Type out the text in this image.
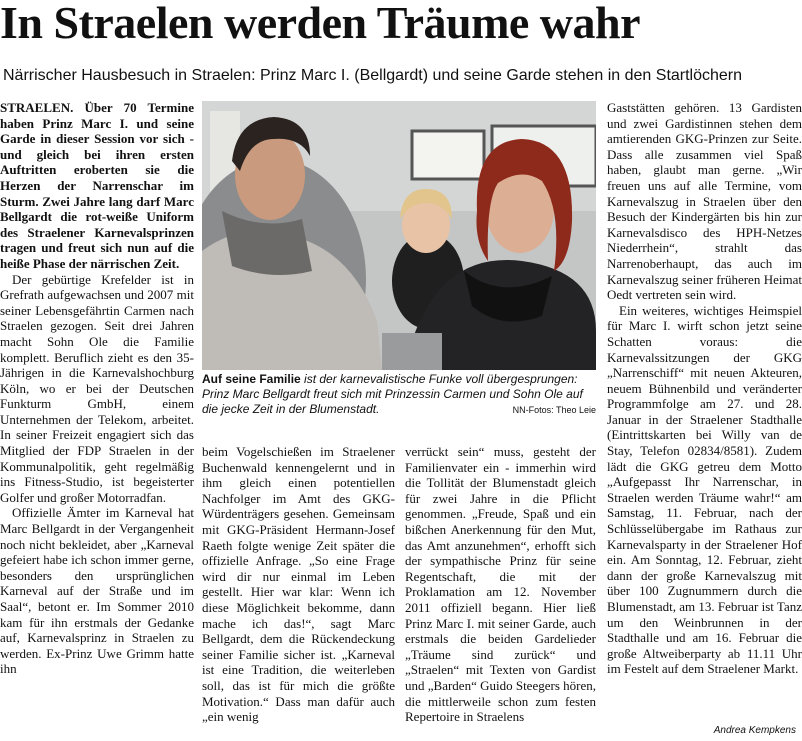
In Straelen werden Träume wahr
Närrischer Hausbesuch in Straelen: Prinz Marc I. (Bellgardt) und seine Garde stehen in den Startlöchern

STRAELEN. Über 70 Termine haben Prinz Marc I. und seine Garde in dieser Session vor sich - und gleich bei ihren ersten Auftritten eroberten sie die Herzen der Narrenschar im Sturm. Zwei Jahre lang darf Marc Bellgardt die rot-weiße Uniform des Straelener Karnevalsprinzen tragen und freut sich nun auf die heiße Phase der närrischen Zeit.

Der gebürtige Krefelder ist in Grefrath aufgewachsen und 2007 mit seiner Lebensgefährtin Carmen nach Straelen gezogen. Seit drei Jahren macht Sohn Ole die Familie komplett. Beruflich zieht es den 35-Jährigen in die Karnevalshochburg Köln, wo er bei der Deutschen Funkturm GmbH, einem Unternehmen der Telekom, arbeitet. In seiner Freizeit engagiert sich das Mitglied der FDP Straelen in der Kommunalpolitik, geht regelmäßig ins Fitness-Studio, ist begeisterter Golfer und großer Motorradfan.

Offizielle Ämter im Karneval hat Marc Bellgardt in der Vergangenheit noch nicht bekleidet, aber „Karneval gefeiert habe ich schon immer gerne, besonders den ursprünglichen Karneval auf der Straße und im Saal“, betont er. Im Sommer 2010 kam für ihn erstmals der Gedanke auf, Karnevalsprinz in Straelen zu werden. Ex-Prinz Uwe Grimm hatte ihn

Auf seine Familie ist der karnevalistische Funke voll übergesprungen: Prinz Marc Bellgardt freut sich mit Prinzessin Carmen und Sohn Ole auf die jecke Zeit in der Blumenstadt.	NN-Fotos: Theo Leie

beim Vogelschießen im Straelener Buchenwald kennengelernt und in ihm gleich einen potentiellen Nachfolger im Amt des GKG-Würdenträgers gesehen. Gemeinsam mit GKG-Präsident Hermann-Josef Raeth folgte wenige Zeit später die offizielle Anfrage. „So eine Frage wird dir nur einmal im Leben gestellt. Hier war klar: Wenn ich diese Möglichkeit bekomme, dann mache ich das!“, sagt Marc Bellgardt, dem die Rückendeckung seiner Familie sicher ist. „Karneval ist eine Tradition, die weiterleben soll, das ist für mich die größte Motivation.“ Dass man dafür auch „ein wenig

verrückt sein“ muss, gesteht der Familienvater ein - immerhin wird die Tollität der Blumenstadt gleich für zwei Jahre in die Pflicht genommen. „Freude, Spaß und ein bißchen Anerkennung für den Mut, das Amt anzunehmen“, erhofft sich der sympathische Prinz für seine Regentschaft, die mit der Proklamation am 12. November 2011 offiziell begann. Hier ließ Prinz Marc I. mit seiner Garde, auch erstmals die beiden Gardelieder „Träume sind zurück“ und „Straelen“ mit Texten von Gardist und „Barden“ Guido Steegers hören, die mittlerweile schon zum festen Repertoire in Straelens

Gaststätten gehören. 13 Gardisten und zwei Gardistinnen stehen dem amtierenden GKG-Prinzen zur Seite. Dass alle zusammen viel Spaß haben, glaubt man gerne. „Wir freuen uns auf alle Termine, vom Karnevalszug in Straelen über den Besuch der Kindergärten bis hin zur Karnevalsdisco des HPH-Netzes Niederrhein“, strahlt das Narrenoberhaupt, das auch im Karnevalszug seiner früheren Heimat Oedt vertreten sein wird.

Ein weiteres, wichtiges Heimspiel für Marc I. wirft schon jetzt seine Schatten voraus: die Karnevalssitzungen der GKG „Narrenschiff“ mit neuen Akteuren, neuem Bühnenbild und veränderter Programmfolge am 27. und 28. Januar in der Straelener Stadthalle (Eintrittskarten bei Willy van de Stay, Telefon 02834/8581). Zudem lädt die GKG getreu dem Motto „Aufgepasst Ihr Narrenschar, in Straelen werden Träume wahr!“ am Samstag, 11. Februar, nach der Schlüsselübergabe im Rathaus zur Karnevalsparty in der Straelener Hof ein. Am Sonntag, 12. Februar, zieht dann der große Karnevalszug mit über 100 Zugnummern durch die Blumenstadt, am 13. Februar ist Tanz um den Weinbrunnen in der Stadthalle und am 16. Februar die große Altweiberparty ab 11.11 Uhr im Festelt auf dem Straelener Markt.

Andrea Kempkens
